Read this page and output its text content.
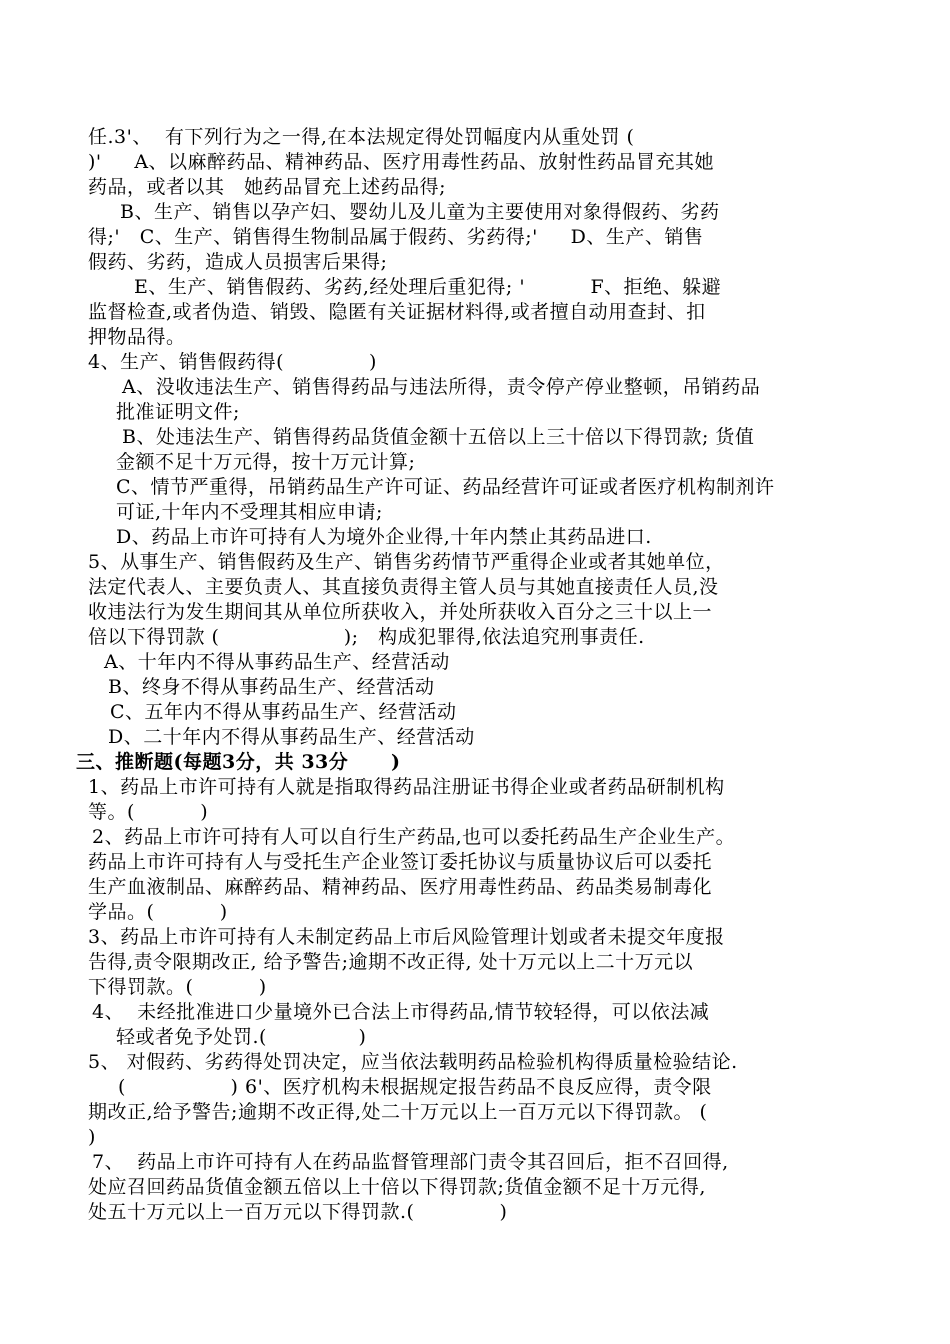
任.3ꞌ、  有下列行为之一得,在本法规定得处罚幅度内从重处罚 (
)ꞌ     A、以麻醉药品、精神药品、医疗用毒性药品、放射性药品冒充其她
药品，或者以其   她药品冒充上述药品得;
B、生产、销售以孕产妇、婴幼儿及儿童为主要使用对象得假药、劣药
得;ꞌ   C、生产、销售得生物制品属于假药、劣药得;ꞌ     D、生产、销售
假药、劣药，造成人员损害后果得;
E、生产、销售假药、劣药,经处理后重犯得; ꞌ          F、拒绝、躲避
监督检查,或者伪造、销毁、隐匿有关证据材料得,或者擅自动用查封、扣
押物品得。
4、生产、销售假药得(             )
A、没收违法生产、销售得药品与违法所得，责令停产停业整顿，吊销药品
批准证明文件;
B、处违法生产、销售得药品货值金额十五倍以上三十倍以下得罚款; 货值
金额不足十万元得，按十万元计算;
C、情节严重得，吊销药品生产许可证、药品经营许可证或者医疗机构制剂许
可证,十年内不受理其相应申请;
D、药品上市许可持有人为境外企业得,十年内禁止其药品进口.
5、从事生产、销售假药及生产、销售劣药情节严重得企业或者其她单位，
法定代表人、主要负责人、其直接负责得主管人员与其她直接责任人员,没
收违法行为发生期间其从单位所获收入，并处所获收入百分之三十以上一
倍以下得罚款 (                   );   构成犯罪得,依法追究刑事责任.
A、十年内不得从事药品生产、经营活动
B、终身不得从事药品生产、经营活动
C、五年内不得从事药品生产、经营活动
D、二十年内不得从事药品生产、经营活动
三、推断题(每题3分，共 33分      )
1、药品上市许可持有人就是指取得药品注册证书得企业或者药品研制机构
等。(          )
2、药品上市许可持有人可以自行生产药品,也可以委托药品生产企业生产。
药品上市许可持有人与受托生产企业签订委托协议与质量协议后可以委托
生产血液制品、麻醉药品、精神药品、医疗用毒性药品、药品类易制毒化
学品。(          )
3、药品上市许可持有人未制定药品上市后风险管理计划或者未提交年度报
告得,责令限期改正, 给予警告;逾期不改正得, 处十万元以上二十万元以
下得罚款。(          )
4、  未经批准进口少量境外已合法上市得药品,情节较轻得，可以依法减
轻或者免予处罚.(              )
5、 对假药、劣药得处罚决定，应当依法载明药品检验机构得质量检验结论.
(                ) 6ꞌ、医疗机构未根据规定报告药品不良反应得，责令限
期改正,给予警告;逾期不改正得,处二十万元以上一百万元以下得罚款。 (
)
7、  药品上市许可持有人在药品监督管理部门责令其召回后，拒不召回得,
处应召回药品货值金额五倍以上十倍以下得罚款;货值金额不足十万元得,
处五十万元以上一百万元以下得罚款.(             )
